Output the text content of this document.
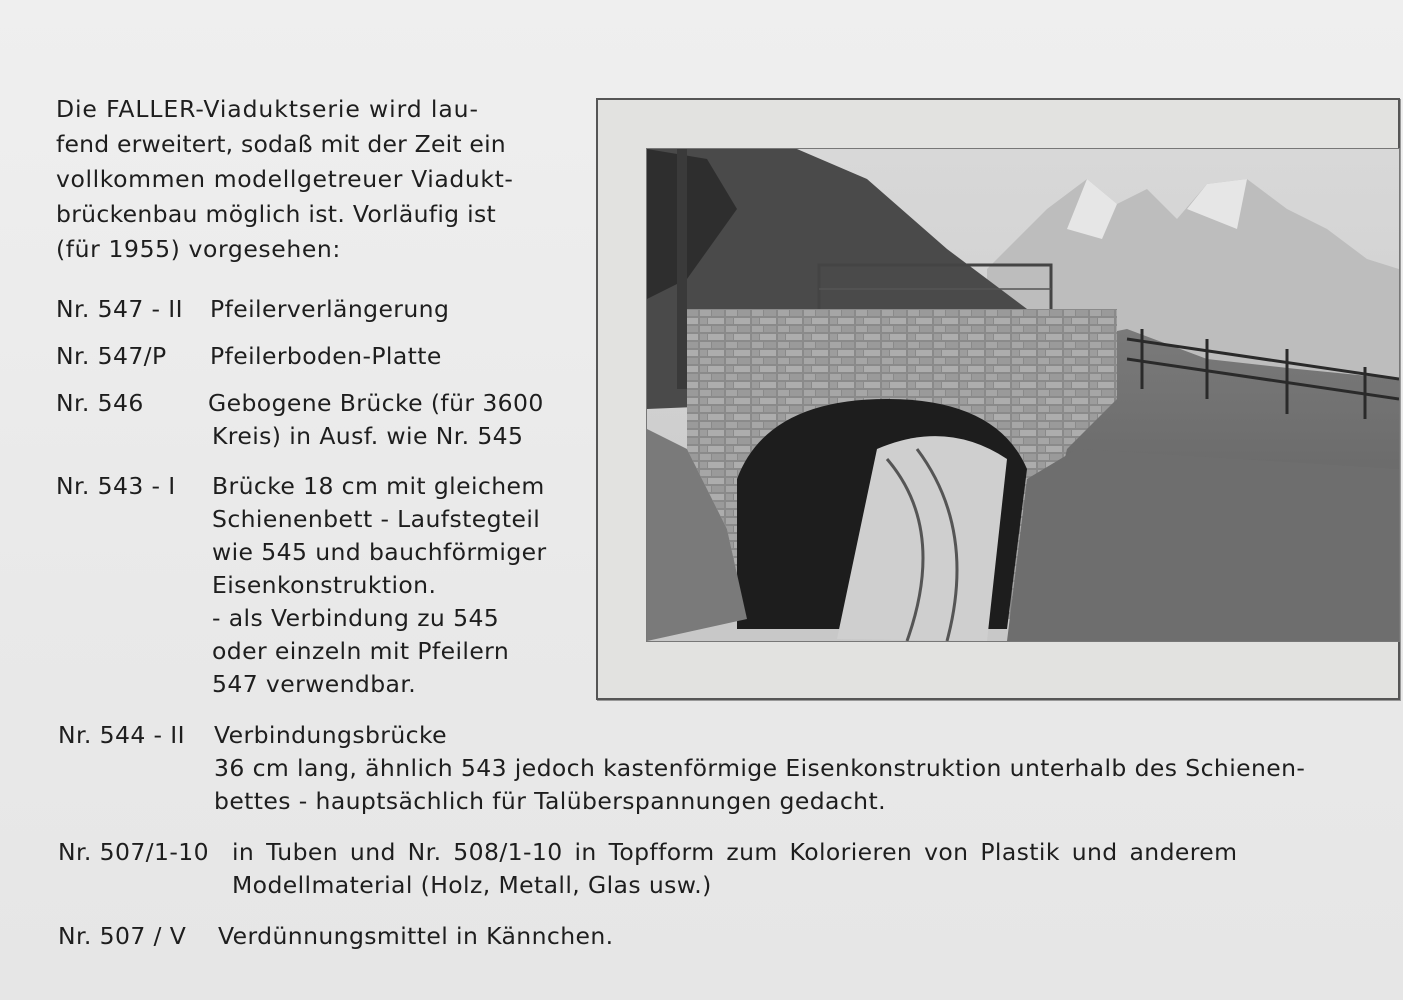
Die FALLER-Viaduktserie wird lau-
fend erweitert, sodaß mit der Zeit ein
vollkommen modellgetreuer Viadukt-
brückenbau möglich ist. Vorläufig ist
(für 1955) vorgesehen:
Nr. 547 - II Pfeilerverlängerung
Nr. 547/P Pfeilerboden-Platte
Nr. 546	Gebogene Brücke (für 3600
Kreis) in Ausf. wie Nr. 545
Nr. 543 - I Brücke 18 cm mit gleichem
Schienenbett - Laufstegteil
wie 545 und bauchförmiger
Eisenkonstruktion.
- als Verbindung zu 545
oder einzeln mit Pfeilern
547 verwendbar.
Nr. 544 - II Verbindungsbrücke
36 cm lang, ähnlich 543 jedoch kastenförmige Eisenkonstruktion unterhalb des Schienen-
bettes - hauptsächlich für Talüberspannungen gedacht.
Nr. 507/1-10 in Tuben und Nr. 508/1-10 in Topfform zum Kolorieren von Plastik und anderem
Modellmaterial (Holz, Metall, Glas usw.)
Nr. 507 / V Verdünnungsmittel in Kännchen.
